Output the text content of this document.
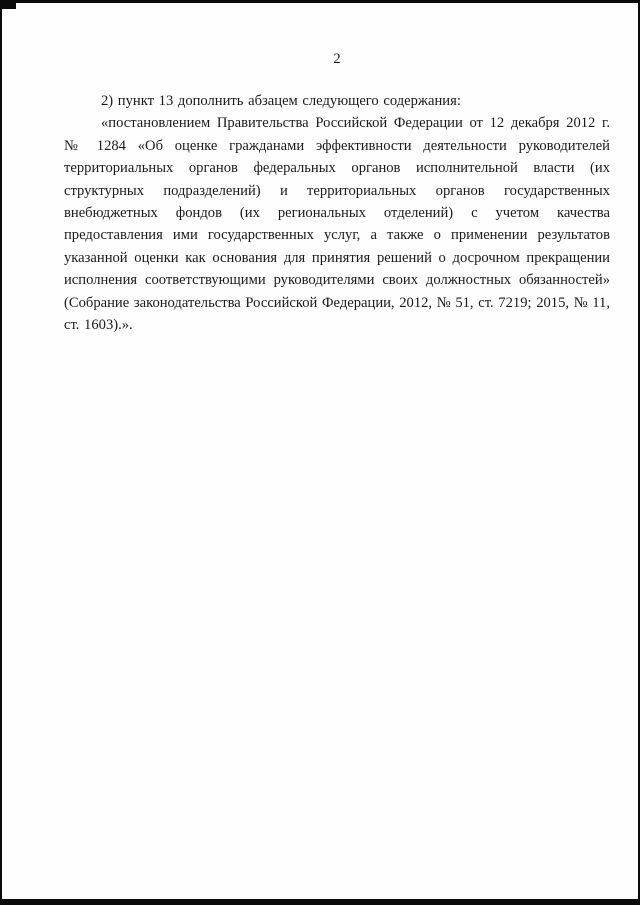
2

2) пункт 13 дополнить абзацем следующего содержания:

«постановлением Правительства Российской Федерации от 12 декабря 2012 г. № 1284 «Об оценке гражданами эффективности деятельности руководителей территориальных органов федеральных органов исполнительной власти (их структурных подразделений) и территориальных органов государственных внебюджетных фондов (их региональных отделений) с учетом качества предоставления ими государственных услуг, а также о применении результатов указанной оценки как основания для принятия решений о досрочном прекращении исполнения соответствующими руководителями своих должностных обязанностей» (Собрание законодательства Российской Федерации, 2012, № 51, ст. 7219; 2015, № 11, ст. 1603).».
